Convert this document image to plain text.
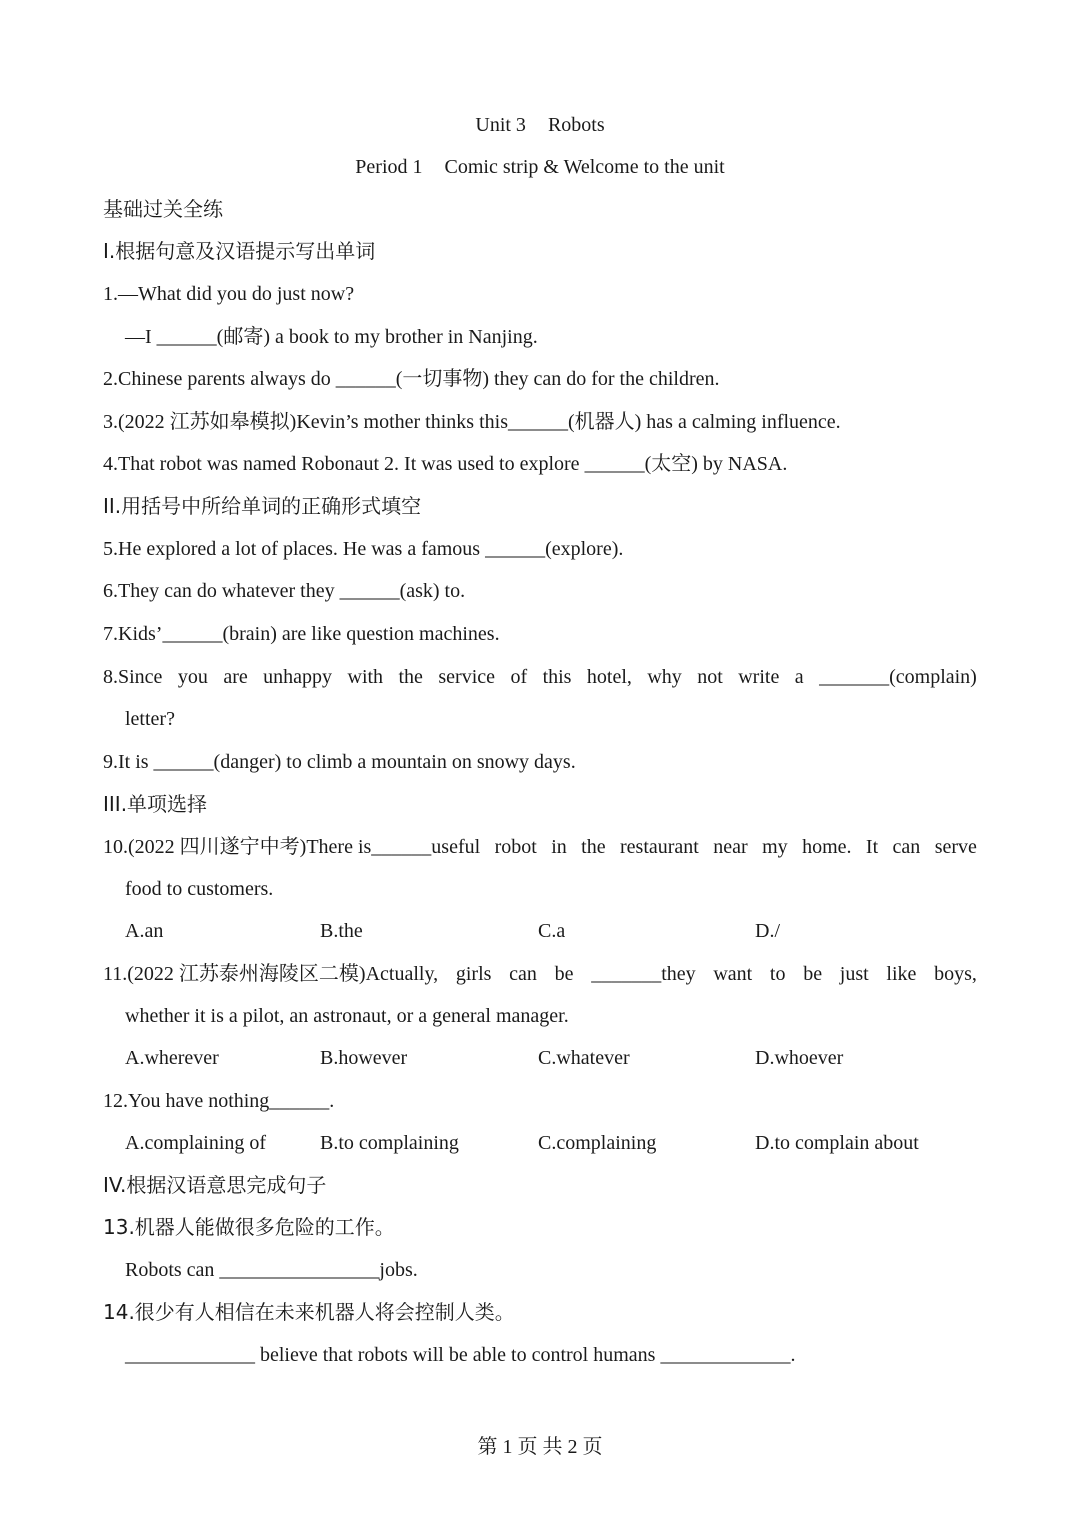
Unit 3 Robots
Period 1 Comic strip & Welcome to the unit
基础过关全练
I.根据句意及汉语提示写出单词
1.—What did you do just now?
—I ______(邮寄) a book to my brother in Nanjing.
2.Chinese parents always do ______(一切事物) they can do for the children.
3.(2022 江苏如皋模拟)Kevin’s mother thinks this______(机器人) has a calming influence.
4.That robot was named Robonaut 2. It was used to explore ______(太空) by NASA.
II.用括号中所给单词的正确形式填空
5.He explored a lot of places. He was a famous ______(explore).
6.They can do whatever they ______(ask) to.
7.Kids’______(brain) are like question machines.
8.Since you are unhappy with the service of this hotel, why not write a _______(complain)
letter?
9.It is ______(danger) to climb a mountain on snowy days.
III.单项选择
10.(2022 四川遂宁中考)There is______useful robot in the restaurant near my home. It can serve
food to customers.
A.an	B.the	C.a	D./
11.(2022 江苏泰州海陵区二模)Actually, girls can be _______they want to be just like boys,
whether it is a pilot, an astronaut, or a general manager.
A.wherever	B.however	C.whatever	D.whoever
12.You have nothing______.
A.complaining of	B.to complaining	C.complaining	D.to complain about
IV.根据汉语意思完成句子
13.机器人能做很多危险的工作。
Robots can ________________jobs.
14.很少有人相信在未来机器人将会控制人类。
_____________ believe that robots will be able to control humans _____________.
第 1 页 共 2 页
